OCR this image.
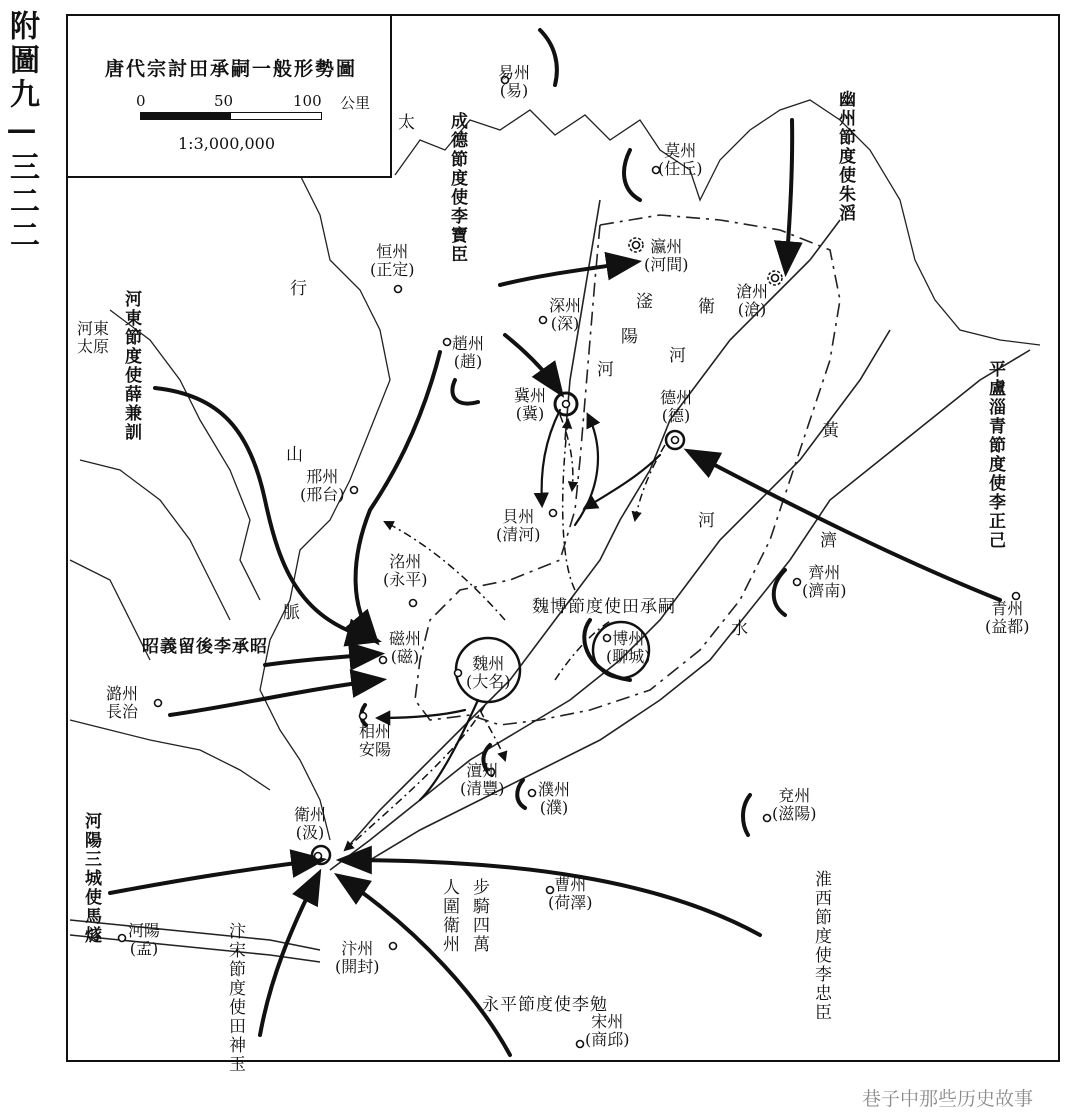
附圖九—三二二	唐代宗討田承嗣一般形勢圖
0	50	100 公里
1:3,000,000
易州
(易)
莫州
(任丘)
瀛州
(河間)
恒州
(正定)
深州
(深)
滄州
(滄)
河東
太原	趙州
(趙)
冀州
(冀)
德州
(德)
邢州
(邢台)
貝州
(清河)
洺州
(永平)	齊州
(濟南)
青州
(益都)
磁州
(磁)	魏州
(大名)
博州
(聊城)
潞州
長治
相州
安陽
澶州
(清豐) 濮州
(濮)
兗州
(滋陽)
衛州
(汲)
曹州
(荷澤)
河陽
(孟)	汴州
(開封)
宋州
(商邱)
成德節度使李寶臣	幽州節度使朱滔
河東節度使薛兼訓	平盧淄青節度使李正己
昭義留後李承昭
魏博節度使田承嗣
河陽三城使馬燧
汴宋節度使田神玉	永平節度使李勉	淮西節度使李忠臣
步騎四萬
人圍衛州
太
行
山
脈
滏
陽
河
衛
河
黃
河
濟
水
巷子中那些历史故事
